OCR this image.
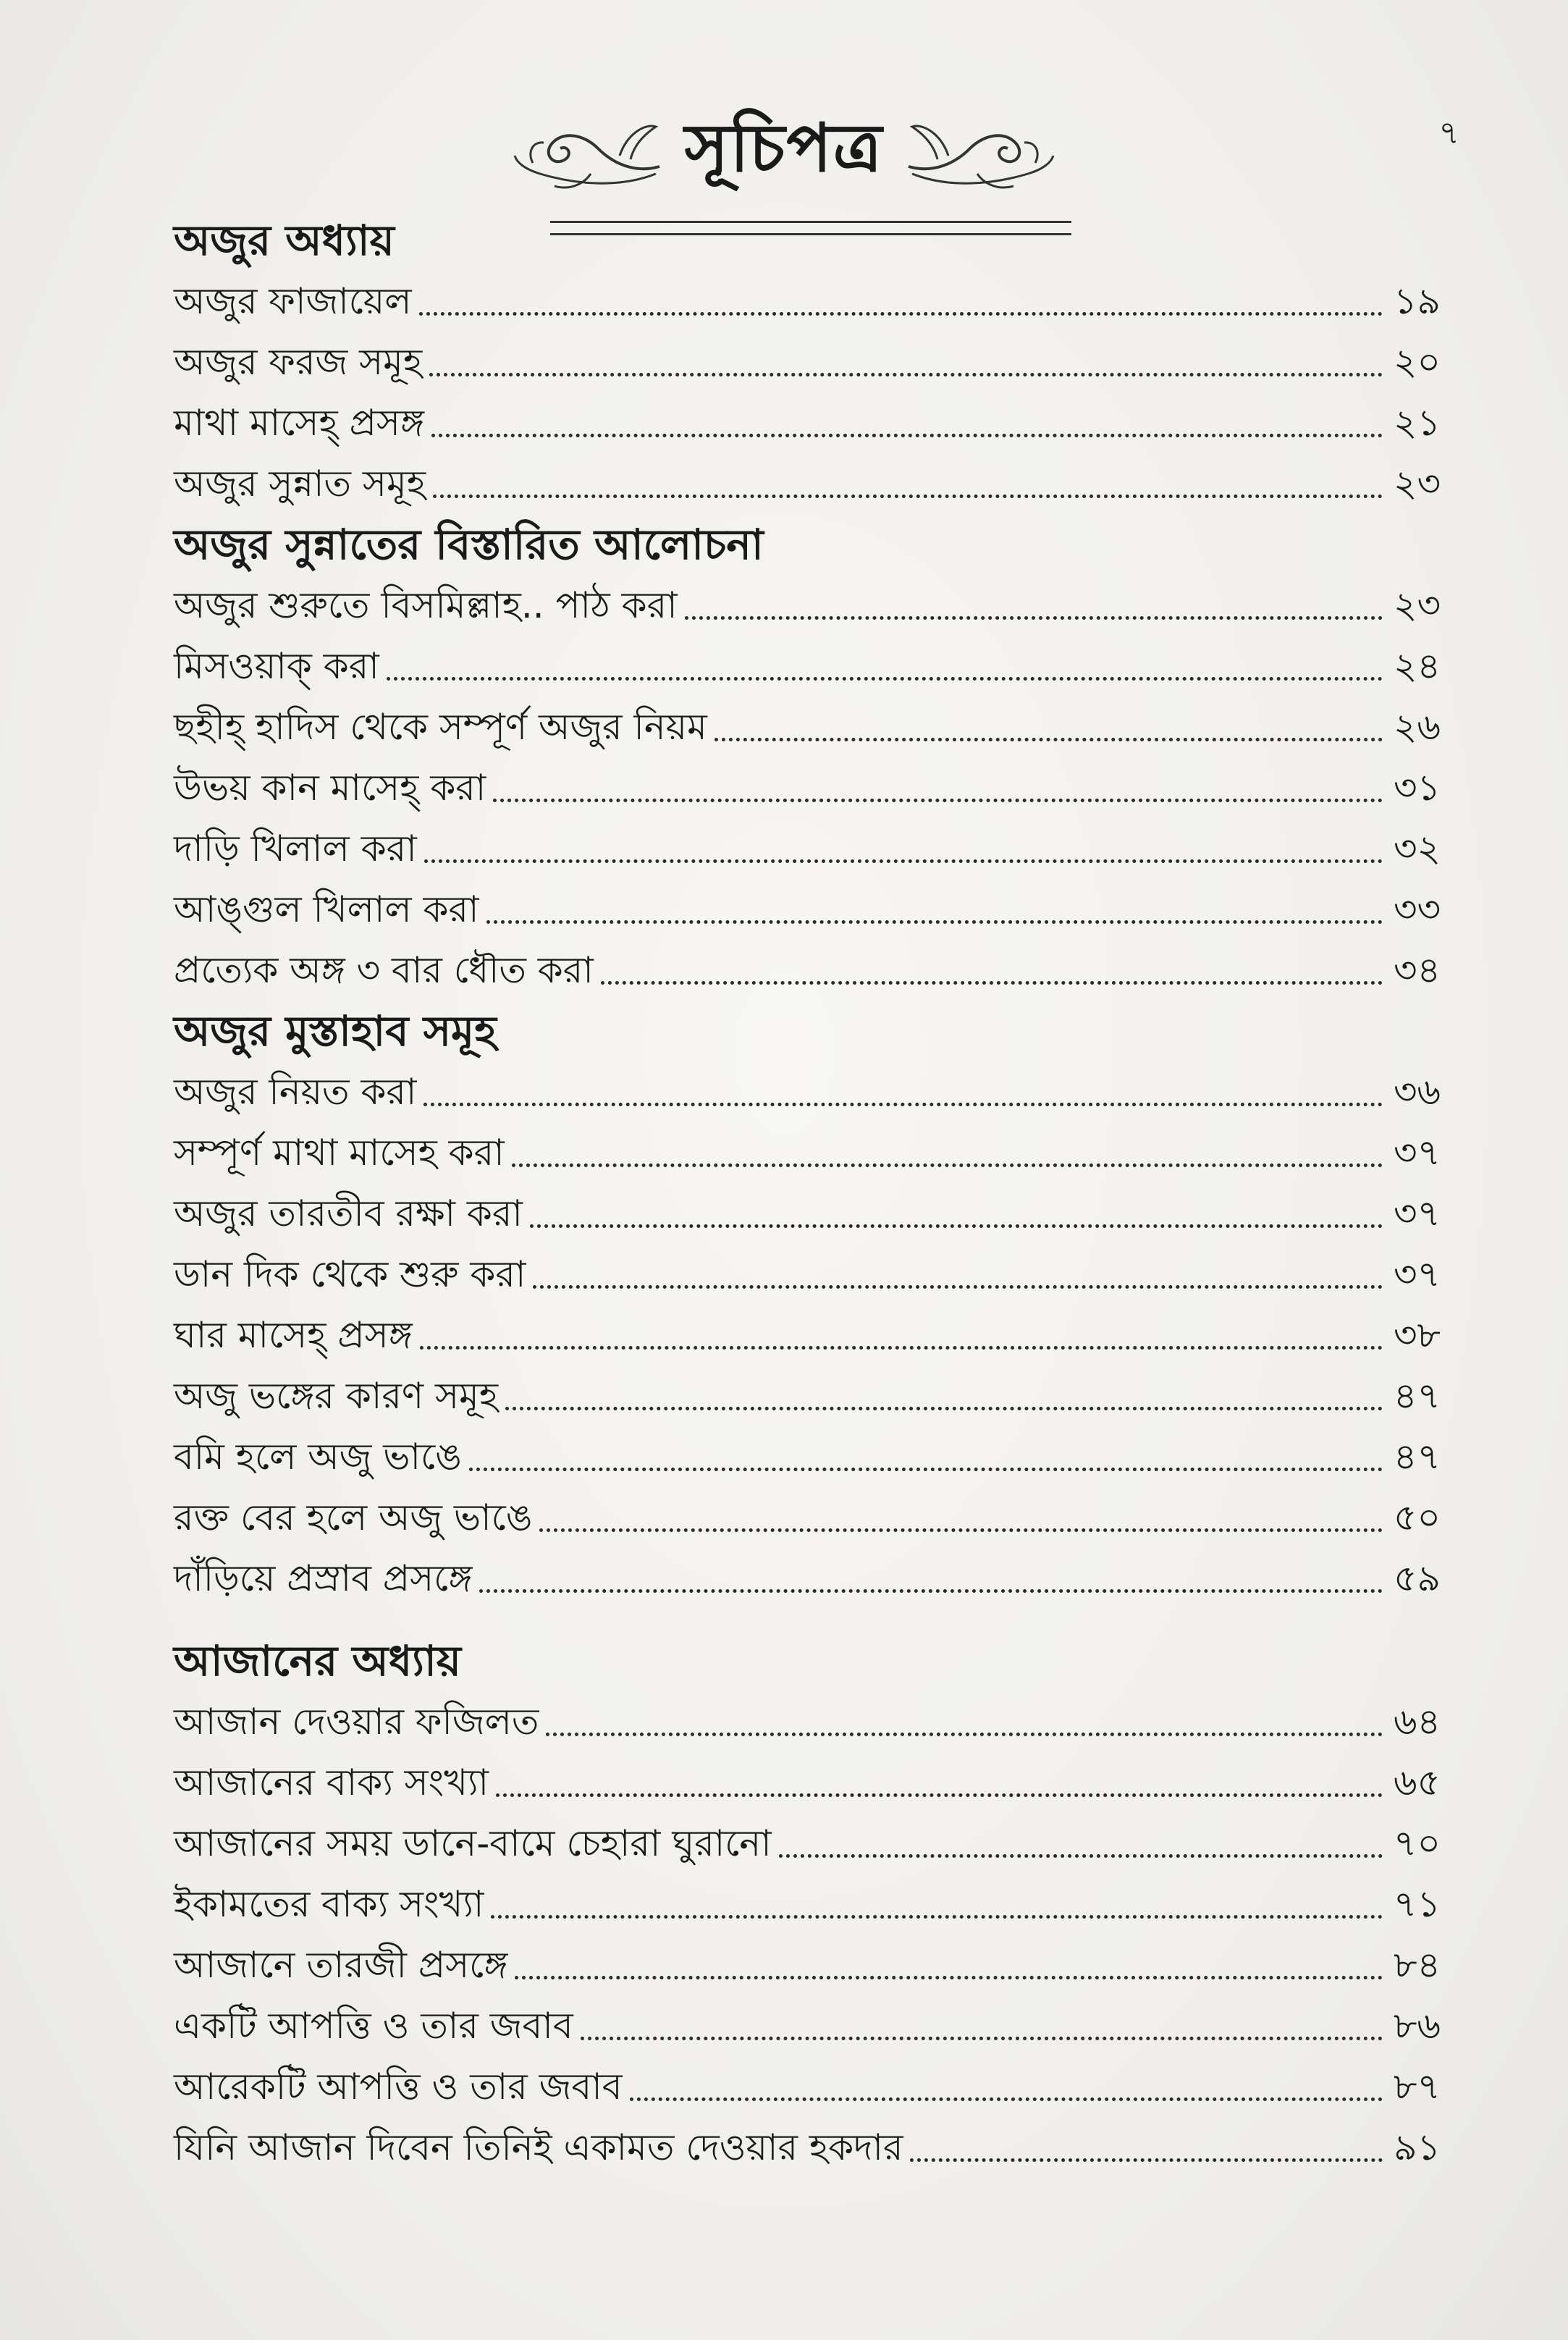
৭
সূচিপত্র
অজুর অধ্যায়
অজুর ফাজায়েল	১৯
অজুর ফরজ সমূহ	২০
মাথা মাসেহ্ প্রসঙ্গ	২১
অজুর সুন্নাত সমূহ	২৩
অজুর সুন্নাতের বিস্তারিত আলোচনা
অজুর শুরুতে বিসমিল্লাহ.. পাঠ করা	২৩
মিসওয়াক্ করা	২৪
ছহীহ্ হাদিস থেকে সম্পূর্ণ অজুর নিয়ম	২৬
উভয় কান মাসেহ্ করা	৩১
দাড়ি খিলাল করা	৩২
আঙ্গুল খিলাল করা	৩৩
প্রত্যেক অঙ্গ ৩ বার ধৌত করা	৩৪
অজুর মুস্তাহাব সমূহ
অজুর নিয়ত করা	৩৬
সম্পূর্ণ মাথা মাসেহ করা	৩৭
অজুর তারতীব রক্ষা করা	৩৭
ডান দিক থেকে শুরু করা	৩৭
ঘার মাসেহ্ প্রসঙ্গ	৩৮
অজু ভঙ্গের কারণ সমূহ	৪৭
বমি হলে অজু ভাঙে	৪৭
রক্ত বের হলে অজু ভাঙে	৫০
দাঁড়িয়ে প্রস্রাব প্রসঙ্গে	৫৯
আজানের অধ্যায়
আজান দেওয়ার ফজিলত	৬৪
আজানের বাক্য সংখ্যা	৬৫
আজানের সময় ডানে-বামে চেহারা ঘুরানো	৭০
ইকামতের বাক্য সংখ্যা	৭১
আজানে তারজী প্রসঙ্গে	৮৪
একটি আপত্তি ও তার জবাব	৮৬
আরেকটি আপত্তি ও তার জবাব	৮৭
যিনি আজান দিবেন তিনিই একামত দেওয়ার হকদার	৯১
